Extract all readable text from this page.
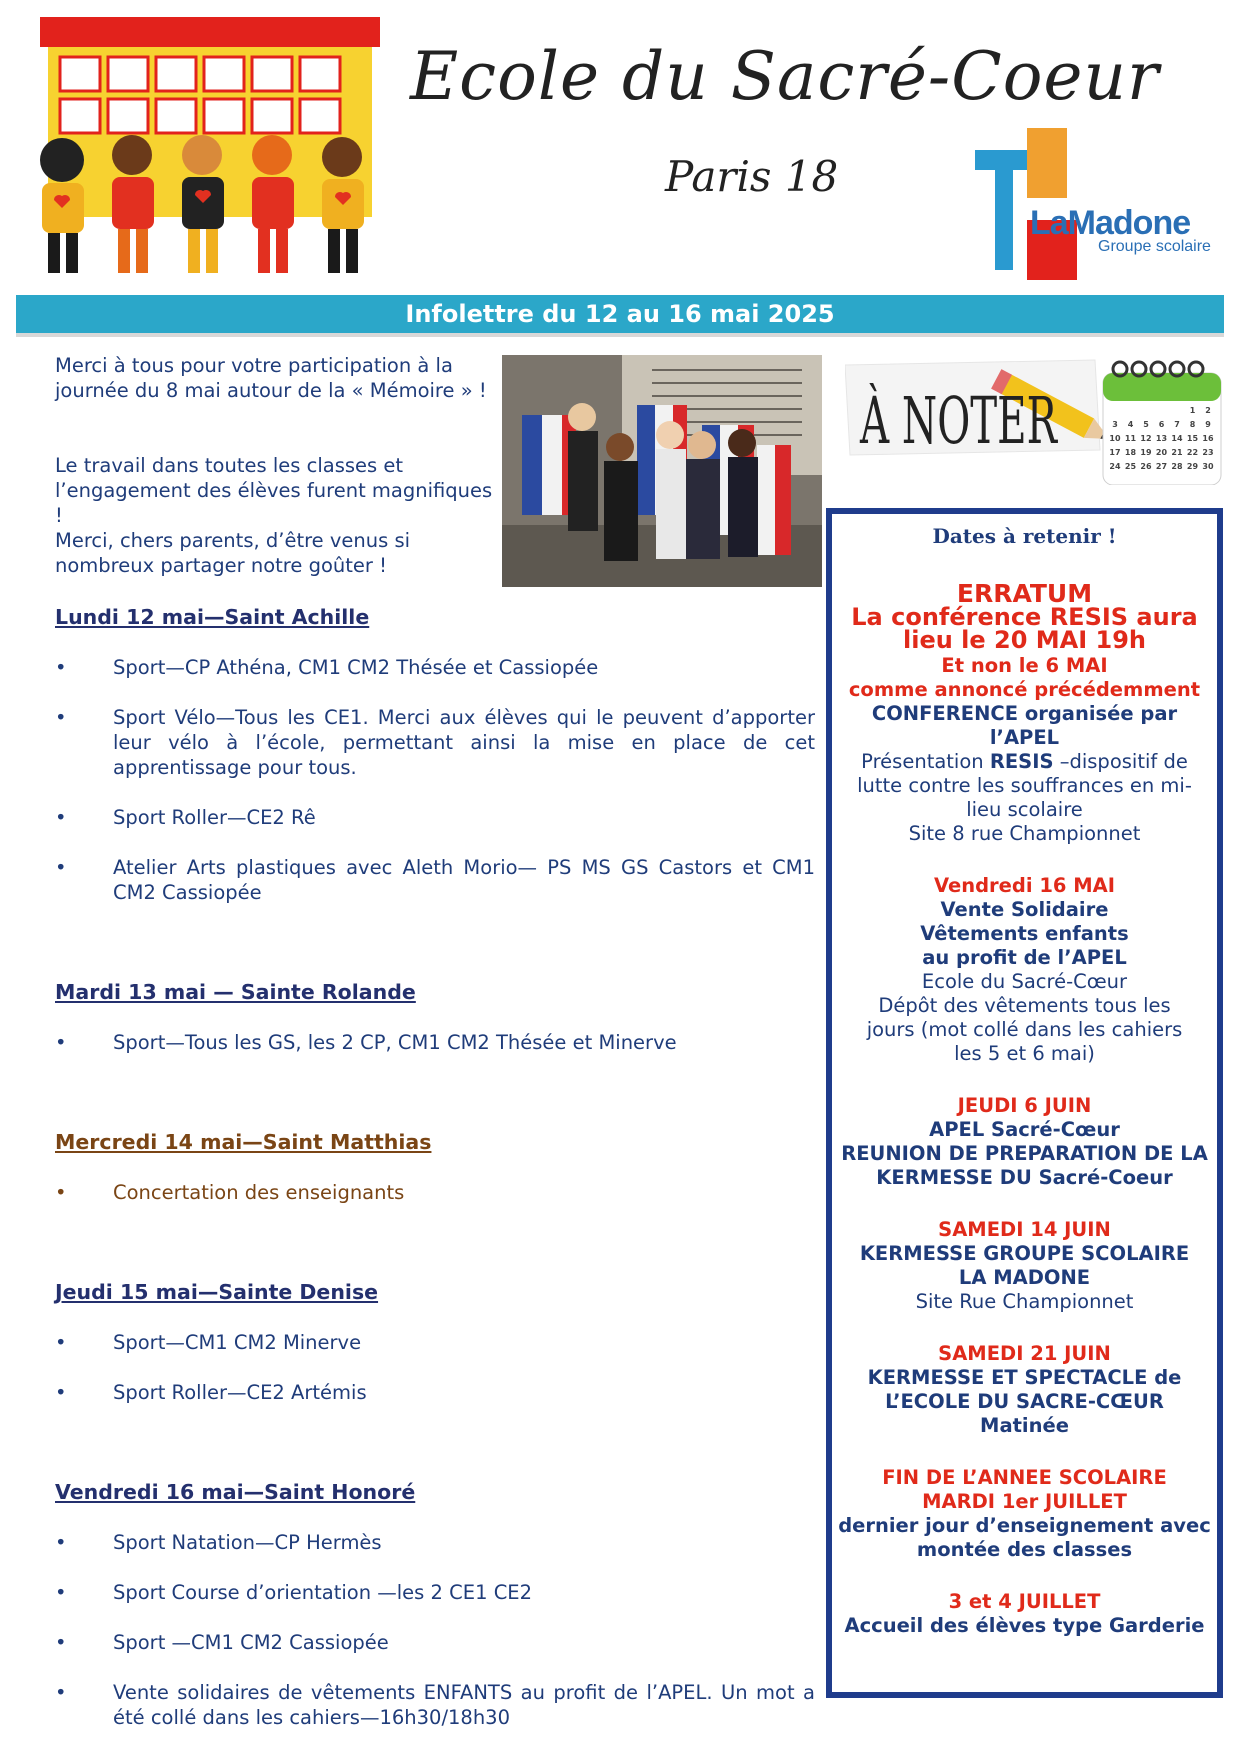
Ecole du Sacré-Coeur
Paris 18
LaMadone
Groupe scolaire
Infolettre du 12 au 16 mai 2025
Merci à tous pour votre participation à la journée du 8 mai autour de la « Mémoire » !
Le travail dans toutes les classes et l’engagement des élèves furent magnifiques !
Merci, chers parents, d’être venus si nombreux partager notre goûter !
Lundi 12 mai—Saint Achille
•	Sport—CP Athéna, CM1 CM2 Thésée et Cassiopée
•	Sport Vélo—Tous les CE1. Merci aux élèves qui le peuvent d’apporter leur vélo à l’école, permettant ainsi la mise en place de cet apprentissage pour tous.
•	Sport Roller—CE2 Rê
•	Atelier Arts plastiques avec Aleth Morio— PS MS GS Castors et CM1 CM2 Cassiopée
Mardi 13 mai — Sainte Rolande
•	Sport—Tous les GS, les 2 CP, CM1 CM2 Thésée et Minerve
Mercredi 14 mai—Saint Matthias
•	Concertation des enseignants
Jeudi 15 mai—Sainte Denise
•	Sport—CM1 CM2 Minerve
•	Sport Roller—CE2 Artémis
Vendredi 16 mai—Saint Honoré
•	Sport Natation—CP Hermès
•	Sport Course d’orientation —les 2 CE1 CE2
•	Sport —CM1 CM2 Cassiopée
•	Vente solidaires de vêtements ENFANTS au profit de l’APEL. Un mot a été collé dans les cahiers—16h30/18h30
À NOTER	1 2
3 4 5 6 7 8 9
10 11 12 13 14 15 16
17 18 19 20 21 22 23
24 25 26 27 28 29 30
Dates à retenir !
ERRATUM
La conférence RESIS aura
lieu le 20 MAI 19h
Et non le 6 MAI
comme annoncé précédemment
CONFERENCE organisée par
l’APEL
Présentation RESIS –dispositif de
lutte contre les souffrances en mi-
lieu scolaire
Site 8 rue Championnet
Vendredi 16 MAI
Vente Solidaire
Vêtements enfants
au profit de l’APEL
Ecole du Sacré-Cœur
Dépôt des vêtements tous les
jours (mot collé dans les cahiers
les 5 et 6 mai)
JEUDI 6 JUIN
APEL Sacré-Cœur
REUNION DE PREPARATION DE LA
KERMESSE DU Sacré-Coeur
SAMEDI 14 JUIN
KERMESSE GROUPE SCOLAIRE
LA MADONE
Site Rue Championnet
SAMEDI 21 JUIN
KERMESSE ET SPECTACLE de
L’ECOLE DU SACRE-CŒUR
Matinée
FIN DE L’ANNEE SCOLAIRE
MARDI 1er JUILLET
dernier jour d’enseignement avec
montée des classes
3 et 4 JUILLET
Accueil des élèves type Garderie
